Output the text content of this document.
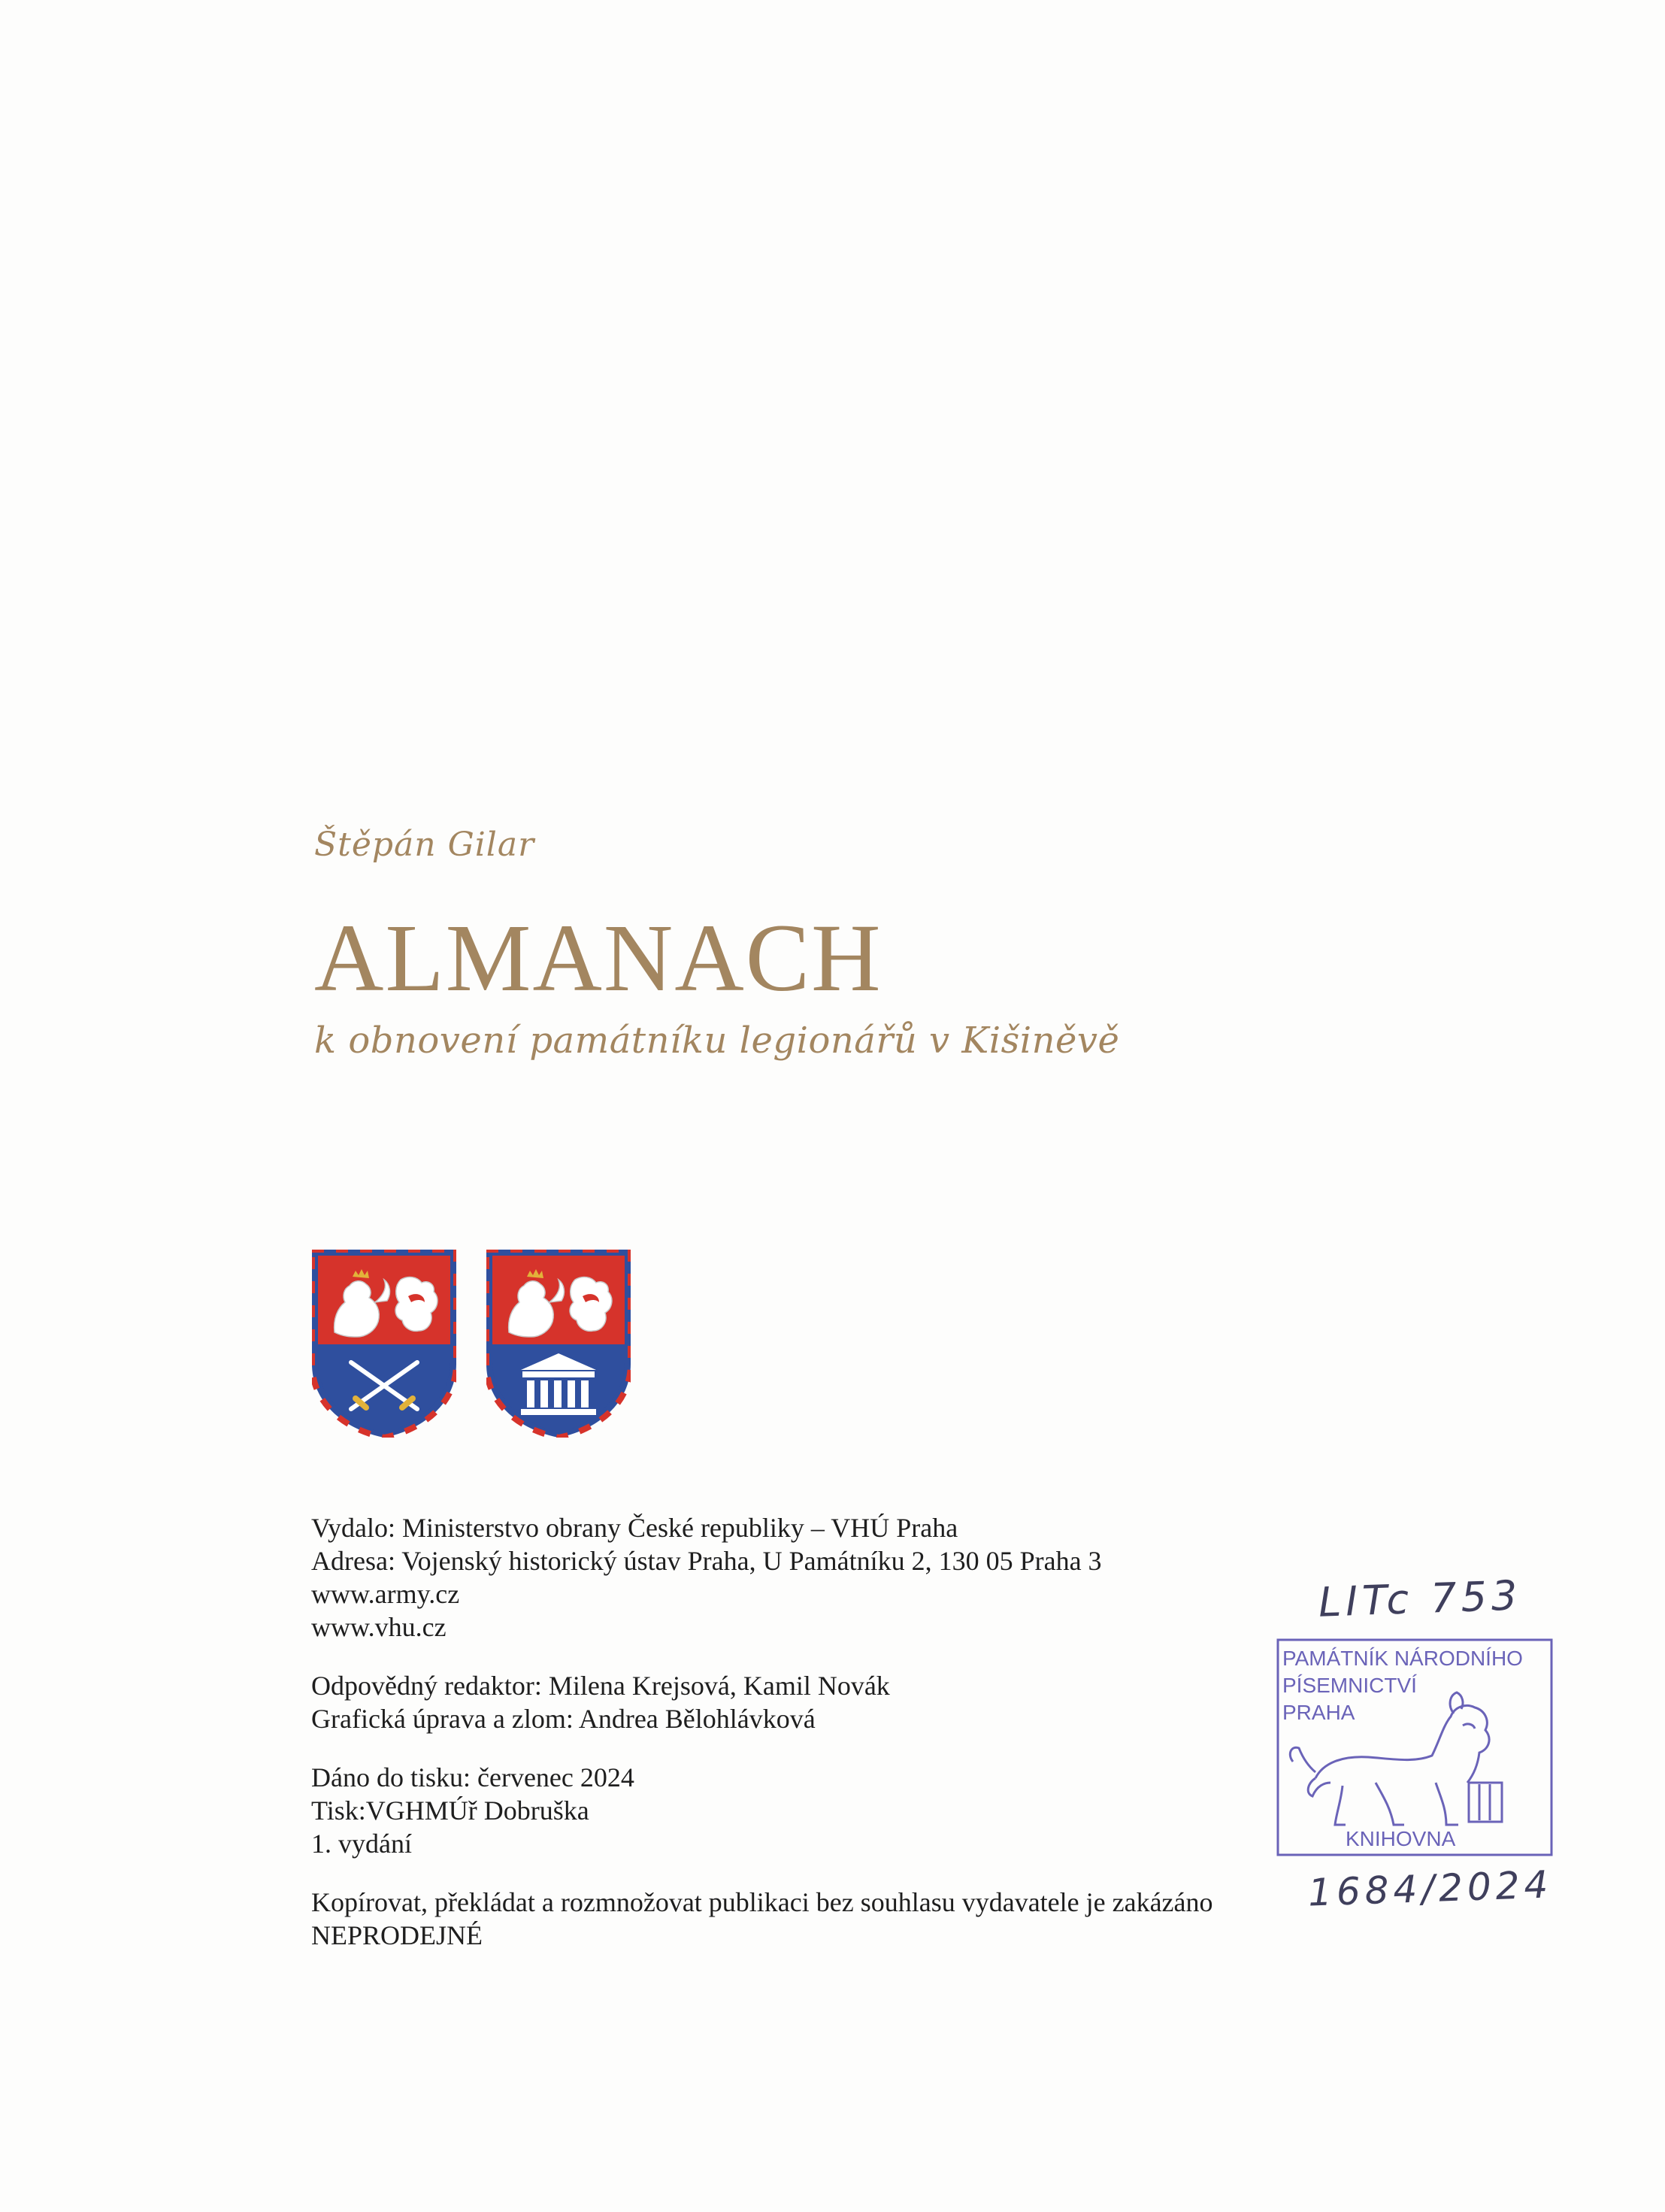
Štěpán Gilar
ALMANACH
k obnovení památníku legionářů v Kišiněvě
Vydalo: Ministerstvo obrany České republiky – VHÚ Praha
Adresa: Vojenský historický ústav Praha, U Památníku 2, 130 05 Praha 3
www.army.cz
www.vhu.cz
Odpovědný redaktor: Milena Krejsová, Kamil Novák
Grafická úprava a zlom: Andrea Bělohlávková
Dáno do tisku: červenec 2024
Tisk:VGHMÚř Dobruška
1. vydání
Kopírovat, překládat a rozmnožovat publikaci bez souhlasu vydavatele je zakázáno
NEPRODEJNÉ
LITc 753
PAMÁTNÍK NÁRODNÍHO
PÍSEMNICTVÍ
PRAHA
KNIHOVNA
1684/2024
